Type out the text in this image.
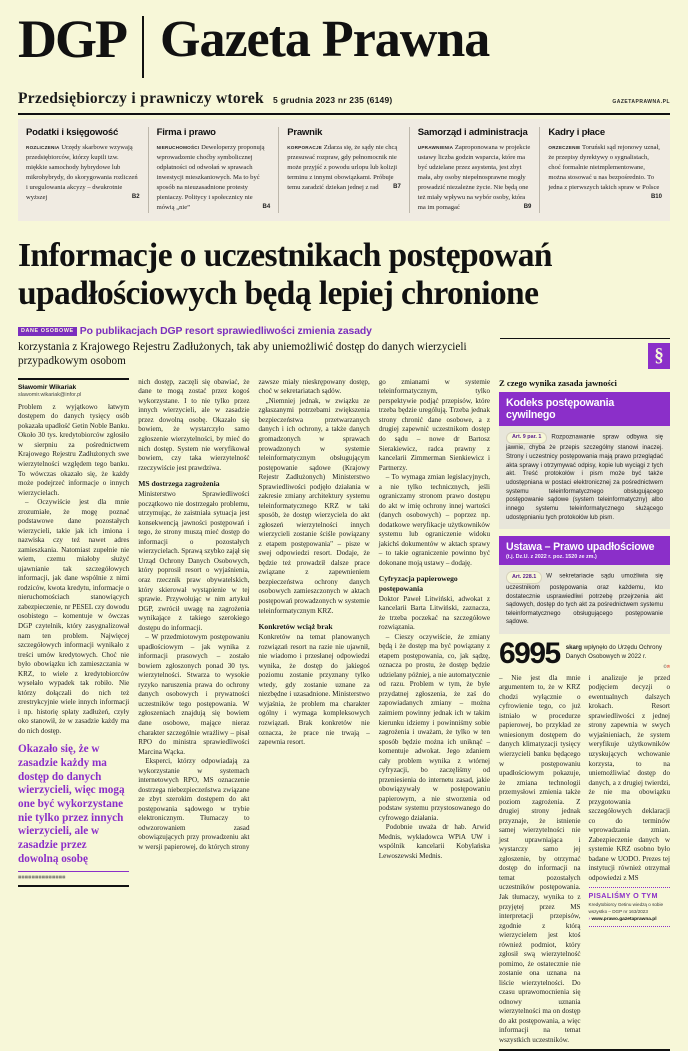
DGP Gazeta Prawna
Przedsiębiorczy i prawniczy wtorek 5 grudnia 2023 nr 235 (6149)	GAZETAPRAWNA.PL
Podatki i księgowość

ROZLICZENIA Urzędy skarbowe wzywają przedsiębiorców, którzy kupili tzw. miękkie samochody hybrydowe lub mikrohybrydy, do skorygowania rozliczeń i uregulowania akcyzy – dwukrotnie wyższej	B2

Firma i prawo

NIERUCHOMOŚCI Deweloperzy proponują wprowadzenie choćby symbolicznej odpłatności od odwołań w sprawach inwestycji mieszkaniowych. Ma to być sposób na nieuzasadnione protesty pieniaczy. Politycy i społecznicy nie mówią „nie”	B4

Prawnik

KORPORACJE Zdarza się, że sądy nie chcą przesuwać rozpraw, gdy pełnomocnik nie może przyjść z powodu urlopu lub kolizji terminu z innymi obowiązkami. Próbuje temu zaradzić dziekan jednej z rad B7

Samorząd i administracja

UPRAWNIENIA Zaproponowana w projekcie ustawy liczba godzin wsparcia, które ma być udzielane przez asystenta, jest zbyt mała, aby osoby niepełnosprawne mogły prowadzić niezależne życie. Nie będą one też miały wpływu na wybór osoby, która ma im pomagać	B9

Kadry i płace

ORZECZENIE Toruński sąd rejonowy uznał, że przepisy dyrektywy o sygnalistach, choć formalnie nieimplementowane, można stosować u nas bezpośrednio. To jedna z pierwszych takich spraw w Polsce
B10

Informacje o uczestnikach postępowań upadłościowych będą lepiej chronione
DANE OSOBOWE Po publikacjach DGP resort sprawiedliwości zmienia zasady
korzystania z Krajowego Rejestru Zadłużonych, tak aby uniemożliwić dostęp do danych wierzycieli przypadkowym osobom	§
Sławomir Wikariak
slawomir.wikariak@infor.pl

Problem z wyjątkowo łatwym dostępem do danych tysięcy osób pokazała upadłość Getin Noble Banku. Około 30 tys. kredytobiorców zgłosiło w sierpniu za pośrednictwem Krajowego Rejestru Zadłużonych swe wierzytelności względem tego banku. To wówczas okazało się, że każdy może podejrzeć informacje o innych wierzycielach.

– Oczywiście jest dla mnie zrozumiałe, że mogę poznać podstawowe dane pozostałych wierzycieli, takie jak ich imiona i nazwiska czy też nawet adres zamieszkania. Natomiast zupełnie nie wiem, czemu miałoby służyć ujawnianie tak szczegółowych informacji, jak dane wspólnie z nimi rodziców, kwota kredytu, informacje o nieruchomościach stanowiących zabezpieczenie, nr PESEL czy dowodu osobistego – komentuje w ówczas DGP czytelnik, który zasygnalizował nam ten problem. Najwięcej szczegółowych informacji wynikało z treści umów kredytowych. Choć nie było obowiązku ich zamieszczania w KRZ, to wiele z kredytobiorców wysełało wypadek tak robiło. Nie którzy dołączali do nich też zrestrykcyjnie wiele innych informacji i np. historię spłaty zadłużeń, czyły oko stanowił, że w zasadzie każdy ma do nich dostęp.

Okazało się, że w zasadzie każdy ma dostęp do danych wierzycieli, więc mogą one być wykorzystane nie tylko przez innych wierzycieli, ale w zasadzie przez dowolną osobę
▩▩▩▩▩▩▩▩▩▩▩▩▩▩

nich dostęp, zaczęli się obawiać, że dane te mogą zostać przez kogoś wykorzystane. I to nie tylko przez innych wierzycieli, ale w zasadzie przez dowolną osobę. Okazało się bowiem, że wystarczyło samo zgłoszenie wierzytelności, by mieć do nich dostęp. System nie weryfikował bowiem, czy taka wierzytelność rzeczywiście jest prawdziwa.

MS dostrzega zagrożenia

Ministerstwo Sprawiedliwości początkowo nie dostrzegało problemu, utrzymując, że zaistniała sytuacja jest konsekwencją jawności postępowań i tego, że strony muszą mieć dostęp do informacji o pozostałych wierzycielach. Sprawą szybko zajął się Urząd Ochrony Danych Osobowych, który poprosił resort o wyjaśnienia, oraz rzecznik praw obywatelskich, który skierował wystąpienie w tej sprawie. Przywołując w nim artykuł DGP, zwrócił uwagę na zagrożenia wynikające z takiego szerokiego dostępu do informacji.

– W przedmiotowym postępowaniu upadłościowym – jak wynika z informacji prasowych – zostało bowiem zgłoszonych ponad 30 tys. wierzytelności. Stwarza to wysokie ryzyko naruszenia prawa do ochrony danych osobowych i prywatności uczestników tego postępowania. W zgłoszeniach znajdują się bowiem dane osobowe, mające nieraz charakter szczególnie wrażliwy – pisał RPO do ministra sprawiedliwości Marcina Wącka.

Eksperci, którzy odpowiadają za wykorzystanie w systemach internetowych RPO, MS oznaczenie dostrzega niebezpieczeństwa związane ze zbyt szerokim dostępem do akt postępowania sądowego w trybie elektronicznym. Tłumaczy to odwzorowaniem zasad obowiązujących przy prowadzeniu akt w wersji papierowej, do których strony

zawsze miały nieskrępowany dostęp, choć w sekretariatach sądów.

„Niemniej jednak, w związku ze zgłaszanymi potrzebami zwiększenia bezpieczeństwa przetwarzanych danych i ich ochrony, a także danych gromadzonych w sprawach prowadzonych w systemie teleinformatycznym obsługującym postępowanie sądowe (Krajowy Rejestr Zadłużonych) Ministerstwo Sprawiedliwości podjęło działania w zakresie zmiany architektury systemu teleinformatycznego KRZ w taki sposób, że dostęp wierzyciela do akt zgłoszeń wierzytelności innych wierzycieli zostanie ściśle powiązany z etapem postępowania" – pisze w swej odpowiedzi resort. Dodaje, że będzie też prowadził dalsze prace związane z zapewnieniem bezpieczeństwa ochrony danych osobowych zamieszczonych w aktach postępowań prowadzonych w systemie teleinformatycznym KRZ.

Konkretów wciąż brak

Konkretów na temat planowanych rozwiązań resort na razie nie ujawnił, nie wiadomo i przesłanej odpowiedzi wynika, że dostęp do jakiegoś poziomu zostanie przyznany tylko wtedy, gdy zostanie uznane za niezbędne i uzasadnione. Ministerstwo wyjaśnia, że problem ma charakter ogólny i wymaga kompleksowych rozwiązań. Brak konkretów nie oznacza, że prace nie trwają – zapewnia resort.

go zmianami w systemie teleinformatycznym, tylko perspektywie podjąć przepisów, które trzeba będzie urególują. Trzeba jednak strony chronić dane osobowe, a z drugiej zapewnić uczestnikom dostęp do sądu – nowe dr Bartosz Sierakiewicz, radca prawny z kancelarii Zimmerman Sienkiewicz i Partnerzy.

– To wymaga zmian legislacyjnych, a nie tylko technicznych, jeśli ograniczamy stronom prawo dostępu do akt w imię ochrony innej wartości (danych osobowych) – poprzez np. dodatkowe weryfikacje użytkowników systemu lub ograniczenie widoku jakichś dokumentów w aktach sprawy – to takie ograniczenie powinno być dokonane moją ustawy – dodaję.

Cyfryzacja papierowego postępowania

Doktor Paweł Litwiński, adwokat z kancelarii Barta Litwiński, zaznacza, że trzeba poczekać na szczegółowe rozwiązania.

– Cieszy oczywiście, że zmiany będą i że dostęp ma być powiązany z etapem postępowania, co, jak sądzę, oznacza po prostu, że dostęp będzie udzielany później, a nie automatycznie od razu. Problem w tym, że byłe przydatnej zgłoszenia, że zaś do zapowiadanych zmiany – można zaimiem powinny jednak ich w takim kierunku idziemy i powinniśmy sobie zagrożenia i uważam, że tylko w ten sposób będzie można ich uniknąć – komentuje adwokat. Jego zdaniem cały problem wynika z wtórnej cyfryzacji, bo zaczęliśmy od przeniesienia do internetu zasad, jakie obowiązywały w postępowaniu papierowym, a nie stworzenia od podstaw systemu przystosowanego do cyfrowego działania.

Podobnie uważa dr hab. Arwid Mednis, wykładowca WPiA UW i wspólnik kancelarii Kobylańska Lewoszewski Mednis.

Z czego wynika zasada jawności
Kodeks postępowania cywilnego
Art. 9 par. 1 Rozpoznawanie spraw odbywa się jawnie, chyba że przepis szczególny stanowi inaczej. Strony i uczestnicy postępowania mają prawo przeglądać akta sprawy i otrzymywać odpisy, kopie lub wyciągi z tych akt. Treść protokołów i pism może być także udostępniana w postaci elektronicznej za pośrednictwem systemu teleinformatycznego obsługującego postępowanie sądowe (system teleinformatyczny) albo innego systemu teleinformatycznego służącego udostępnianiu tych protokołów lub pism.
Ustawa – Prawo upadłościowe
(t.j. Dz.U. z 2022 r. poz. 1520 ze zm.)
Art. 228.1 W sekretariacie sądu umożliwia się uczestnikom postępowania oraz każdemu, kto dostatecznie usprawiedliwi potrzebę przejrzenia akt sądowych, dostęp do tych akt za pośrednictwem systemu teleinformatycznego obsługującego postępowanie sądowe.
6995 skarg wpłynęło do Urzędu Ochrony Danych Osobowych w 2022 r.
©℗

– Nie jest dla mnie argumentem to, że w KRZ chodzi wyłącznie o cyfrowienie tego, co już istniało w procedurze papierowej, bo przykład ze wniesionym dostępem do danych klimatyzacji tysięcy wierzycieli banku będącego w postępowaniu upadłościowym pokazuje, że zmiana technologii przemysłowi zmienia także poziom zagrożenia. Z drugiej strony jednak przyznaje, że istnienie samej wierzytelności nie jest uprawniająca i wystarczy samo jej zgłoszenie, by otrzymać dostęp do informacji na temat pozostałych uczestników postępowania. Jak tłumaczy, wynika to z przyjętej przez MS interpretacji przepisów, zgodnie z którą wierzycielem jest ktoś również podmiot, który zgłosił swą wierzytelność pomimo, że ostatecznie nie zostanie ona uznana na liście wierzytelności. Do czasu uprawomocnienia się odnowy uznania wierzytelności ma on dostęp do akt postępowania, a więc informacji na temat wszystkich uczestników.

i analizuje je przed podjęciem decyzji o ewentualnych dalszych krokach. Resort sprawiedliwości z jednej strony zapewnia w swych wyjaśnieniach, że system weryfikuje użytkowników uzyskujących wchowanie korzysta, to na uniemożliwiać dostęp do danych, a z drugiej twierdzi, że nie ma obowiązku przygotowania szczegółowych deklaracji co do terminów wprowadzania zmian. Zabezpieczenie danych w systemie KRZ osobno było badane w UODO. Prezes tej instytucji również otrzymał odpowiedzi z MS

PISALIŚMY O TYM
Kredytobiorcy Getinu wiedzą o sobie wszystko – DGP nr 163/2023
› www.prawo.gazetaprawna.pl
